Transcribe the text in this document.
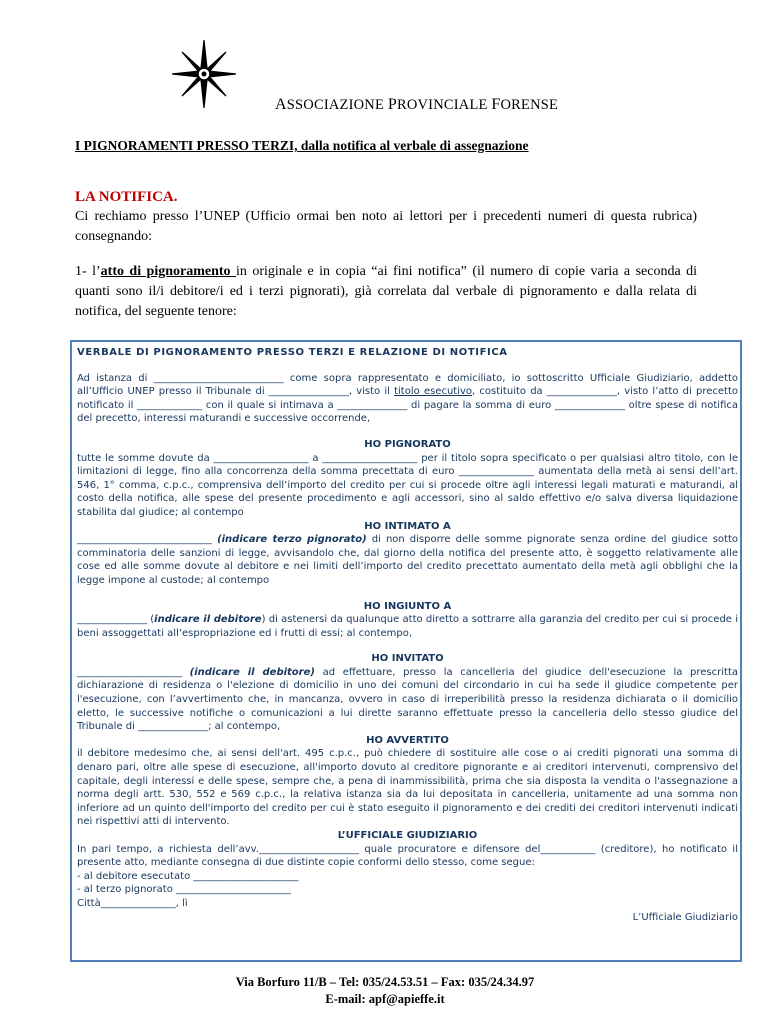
ASSOCIAZIONE PROVINCIALE FORENSE
I PIGNORAMENTI PRESSO TERZI, dalla notifica al verbale di assegnazione
LA NOTIFICA.
Ci rechiamo presso l’UNEP (Ufficio ormai ben noto ai lettori per i precedenti numeri di questa rubrica) consegnando:
1- l’atto di pignoramento in originale e in copia “ai fini notifica” (il numero di copie varia a seconda di quanti sono il/i debitore/i ed i terzi pignorati), già correlata dal verbale di pignoramento e dalla relata di notifica, del seguente tenore:
VERBALE DI PIGNORAMENTO PRESSO TERZI E RELAZIONE DI NOTIFICA

Ad istanza di __________________________ come sopra rappresentato e domiciliato, io sottoscritto Ufficiale Giudiziario, addetto all’Ufficio UNEP presso il Tribunale di ________________, visto il titolo esecutivo, costituito da ______________, visto l’atto di precetto notificato il _____________ con il quale si intimava a ______________ di pagare la somma di euro ______________ oltre spese di notifica del precetto, interessi maturandi e successive occorrende,

HO PIGNORATO

tutte le somme dovute da ___________________ a ___________________ per il titolo sopra specificato o per qualsiasi altro titolo, con le limitazioni di legge, fino alla concorrenza della somma precettata di euro _______________ aumentata della metà ai sensi dell’art. 546, 1° comma, c.p.c., comprensiva dell’importo del credito per cui si procede oltre agli interessi legali maturati e maturandi, al costo della notifica, alle spese del presente procedimento e agli accessori, sino al saldo effettivo e/o salva diversa liquidazione stabilita dal giudice; al contempo

HO INTIMATO A

___________________________ (indicare terzo pignorato) di non disporre delle somme pignorate senza ordine del giudice sotto comminatoria delle sanzioni di legge, avvisandolo che, dal giorno della notifica del presente atto, è soggetto relativamente alle cose ed alle somme dovute al debitore e nei limiti dell’importo del credito precettato aumentato della metà agli obblighi che la legge impone al custode; al contempo

HO INGIUNTO A

______________ (indicare il debitore) di astenersi da qualunque atto diretto a sottrarre alla garanzia del credito per cui si procede i beni assoggettati all’espropriazione ed i frutti di essi; al contempo,

HO INVITATO

_____________________ (indicare il debitore) ad effettuare, presso la cancelleria del giudice dell'esecuzione la prescritta dichiarazione di residenza o l'elezione di domicilio in uno dei comuni del circondario in cui ha sede il giudice competente per l'esecuzione, con l’avvertimento che, in mancanza, ovvero in caso di irreperibilità presso la residenza dichiarata o il domicilio eletto, le successive notifiche o comunicazioni a lui dirette saranno effettuate presso la cancelleria dello stesso giudice del Tribunale di ______________; al contempo,

HO AVVERTITO

il debitore medesimo che, ai sensi dell'art. 495 c.p.c., può chiedere di sostituire alle cose o ai crediti pignorati una somma di denaro pari, oltre alle spese di esecuzione, all'importo dovuto al creditore pignorante e ai creditori intervenuti, comprensivo del capitale, degli interessi e delle spese, sempre che, a pena di inammissibilità, prima che sia disposta la vendita o l'assegnazione a norma degli artt. 530, 552 e 569 c.p.c., la relativa istanza sia da lui depositata in cancelleria, unitamente ad una somma non inferiore ad un quinto dell'importo del credito per cui è stato eseguito il pignoramento e dei crediti dei creditori intervenuti indicati nei rispettivi atti di intervento.

L’UFFICIALE GIUDIZIARIO

In pari tempo, a richiesta dell’avv.____________________ quale procuratore e difensore del___________ (creditore), ho notificato il presente atto, mediante consegna di due distinte copie conformi dello stesso, come segue:

- al debitore esecutato _____________________

- al terzo pignorato _______________________

Città_______________, lì

L’Ufficiale Giudiziario

Via Borfuro 11/B – Tel: 035/24.53.51 – Fax: 035/24.34.97
E-mail: apf@apieffe.it
